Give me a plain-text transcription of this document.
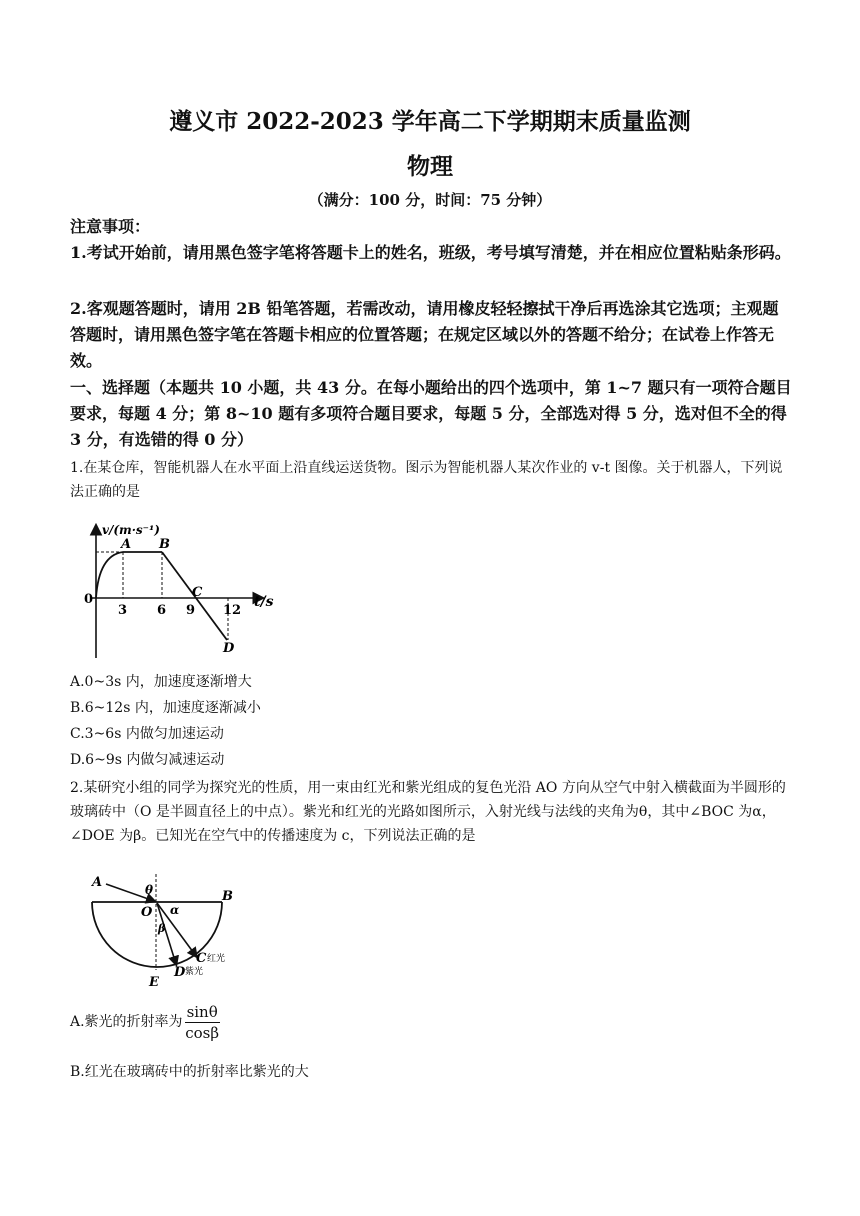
遵义市 2022-2023 学年高二下学期期末质量监测
物理
（满分：100 分，时间：75 分钟）

注意事项：

1.考试开始前，请用黑色签字笔将答题卡上的姓名，班级，考号填写清楚，并在相应位置粘贴条形码。

2.客观题答题时，请用 2B 铅笔答题，若需改动，请用橡皮轻轻擦拭干净后再选涂其它选项；主观题答题时，请用黑色签字笔在答题卡相应的位置答题；在规定区域以外的答题不给分；在试卷上作答无效。

一、选择题（本题共 10 小题，共 43 分。在每小题给出的四个选项中，第 1~7 题只有一项符合题目要求，每题 4 分；第 8~10 题有多项符合题目要求，每题 5 分，全部选对得 5 分，选对但不全的得 3 分，有选错的得 0 分）

1.在某仓库，智能机器人在水平面上沿直线运送货物。图示为智能机器人某次作业的 v-t 图像。关于机器人，下列说法正确的是

v/(m·s⁻¹)
t/s
0
3 6 9 12
A B
C
D

A.0~3s 内，加速度逐渐增大

B.6~12s 内，加速度逐渐减小

C.3~6s 内做匀加速运动

D.6~9s 内做匀减速运动

2.某研究小组的同学为探究光的性质，用一束由红光和紫光组成的复色光沿 AO 方向从空气中射入横截面为半圆形的玻璃砖中（O 是半圆直径上的中点）。紫光和红光的光路如图所示，入射光线与法线的夹角为θ，其中∠BOC 为α，∠DOE 为β。已知光在空气中的传播速度为 c，下列说法正确的是

A
B
O
θ
α
β
C 红光
D 紫光
E
A.紫光的折射率为 $\frac{\sin\theta}{\cos\beta}$

B.红光在玻璃砖中的折射率比紫光的大
